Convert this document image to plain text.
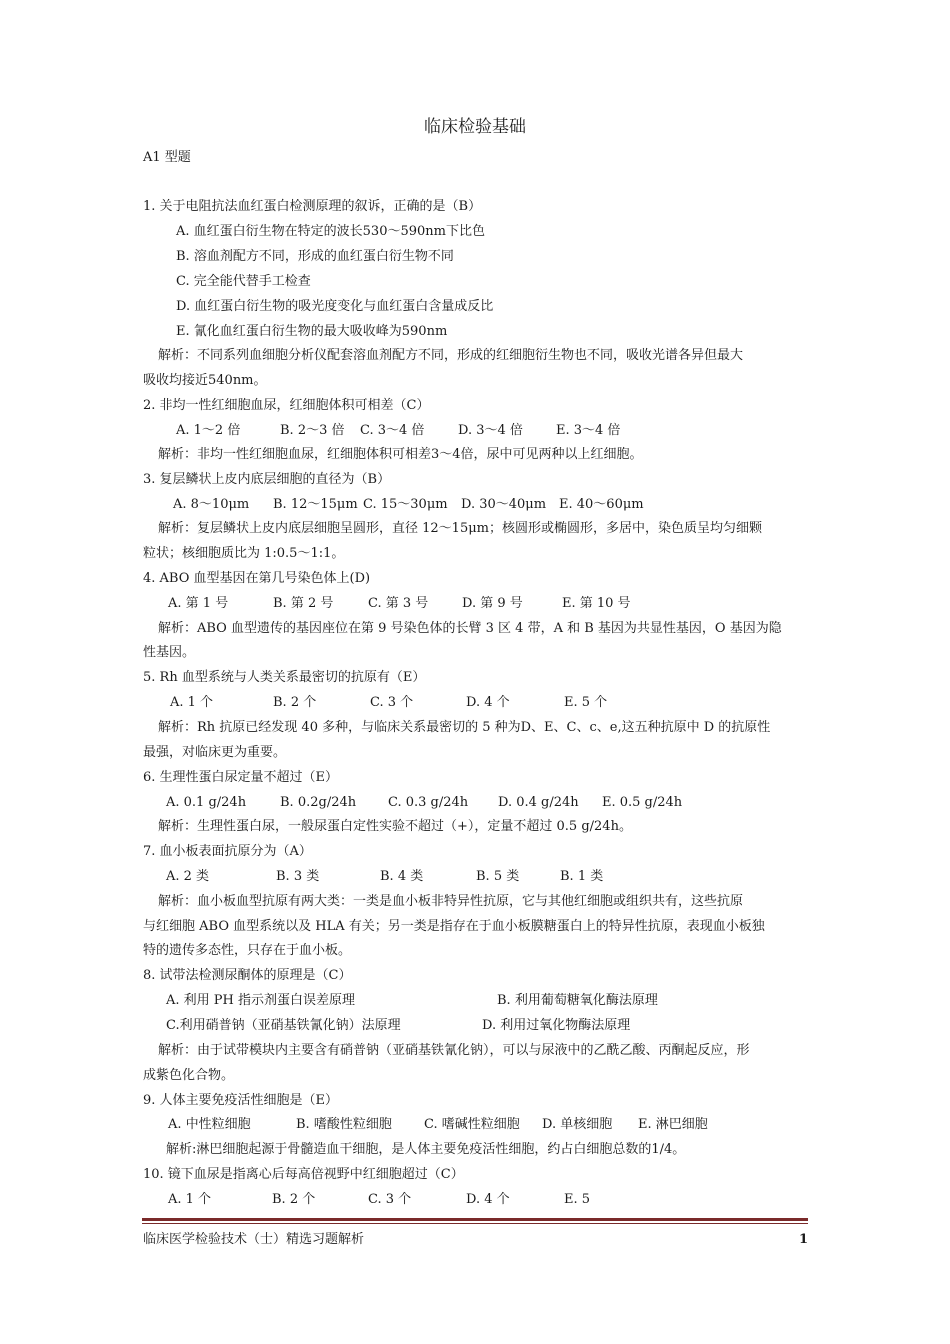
临床检验基础
A1 型题
1. 关于电阻抗法血红蛋白检测原理的叙诉，正确的是（B）
A. 血红蛋白衍生物在特定的波长530～590nm下比色
B. 溶血剂配方不同，形成的血红蛋白衍生物不同
C. 完全能代替手工检查
D. 血红蛋白衍生物的吸光度变化与血红蛋白含量成反比
E. 氰化血红蛋白衍生物的最大吸收峰为590nm
解析：不同系列血细胞分析仪配套溶血剂配方不同，形成的红细胞衍生物也不同，吸收光谱各异但最大
吸收均接近540nm。
2. 非均一性红细胞血尿，红细胞体积可相差（C）
A. 1～2 倍	B. 2～3 倍 C. 3～4 倍	D. 3～4 倍	E. 3～4 倍
解析：非均一性红细胞血尿，红细胞体积可相差3～4倍，尿中可见两种以上红细胞。
3. 复层鳞状上皮内底层细胞的直径为（B）
A. 8～10μm B. 12～15μm C. 15～30μm D. 30～40μm E. 40～60μm
解析：复层鳞状上皮内底层细胞呈圆形，直径 12～15μm；核圆形或椭圆形，多居中，染色质呈均匀细颗
粒状；核细胞质比为 1:0.5～1:1。
4. ABO 血型基因在第几号染色体上(D)
A. 第 1 号	B. 第 2 号	C. 第 3 号	D. 第 9 号	E. 第 10 号
解析：ABO 血型遗传的基因座位在第 9 号染色体的长臂 3 区 4 带，A 和 B 基因为共显性基因，O 基因为隐
性基因。
5. Rh 血型系统与人类关系最密切的抗原有（E）
A. 1 个	B. 2 个	C. 3 个	D. 4 个	E. 5 个
解析：Rh 抗原已经发现 40 多种，与临床关系最密切的 5 种为D、E、C、c、e,这五种抗原中 D 的抗原性
最强，对临床更为重要。
6. 生理性蛋白尿定量不超过（E）
A. 0.1 g/24h	B. 0.2g/24h C. 0.3 g/24h D. 0.4 g/24h E. 0.5 g/24h
解析：生理性蛋白尿，一般尿蛋白定性实验不超过（+），定量不超过 0.5 g/24h。
7. 血小板表面抗原分为（A）
A. 2 类	B. 3 类	B. 4 类	B. 5 类	B. 1 类
解析：血小板血型抗原有两大类：一类是血小板非特异性抗原，它与其他红细胞或组织共有，这些抗原
与红细胞 ABO 血型系统以及 HLA 有关；另一类是指存在于血小板膜糖蛋白上的特异性抗原，表现血小板独
特的遗传多态性，只存在于血小板。
8. 试带法检测尿酮体的原理是（C）
A. 利用 PH 指示剂蛋白误差原理	B. 利用葡萄糖氧化酶法原理
C.利用硝普钠（亚硝基铁氰化钠）法原理	D. 利用过氧化物酶法原理
解析：由于试带模块内主要含有硝普钠（亚硝基铁氰化钠），可以与尿液中的乙酰乙酸、丙酮起反应，形
成紫色化合物。
9. 人体主要免疫活性细胞是（E）
A. 中性粒细胞	B. 嗜酸性粒细胞 C. 嗜碱性粒细胞 D. 单核细胞 E. 淋巴细胞
解析:淋巴细胞起源于骨髓造血干细胞，是人体主要免疫活性细胞，约占白细胞总数的1/4。
10. 镜下血尿是指离心后每高倍视野中红细胞超过（C）
A. 1 个	B. 2 个	C. 3 个	D. 4 个	E. 5
临床医学检验技术（士）精选习题解析	1
